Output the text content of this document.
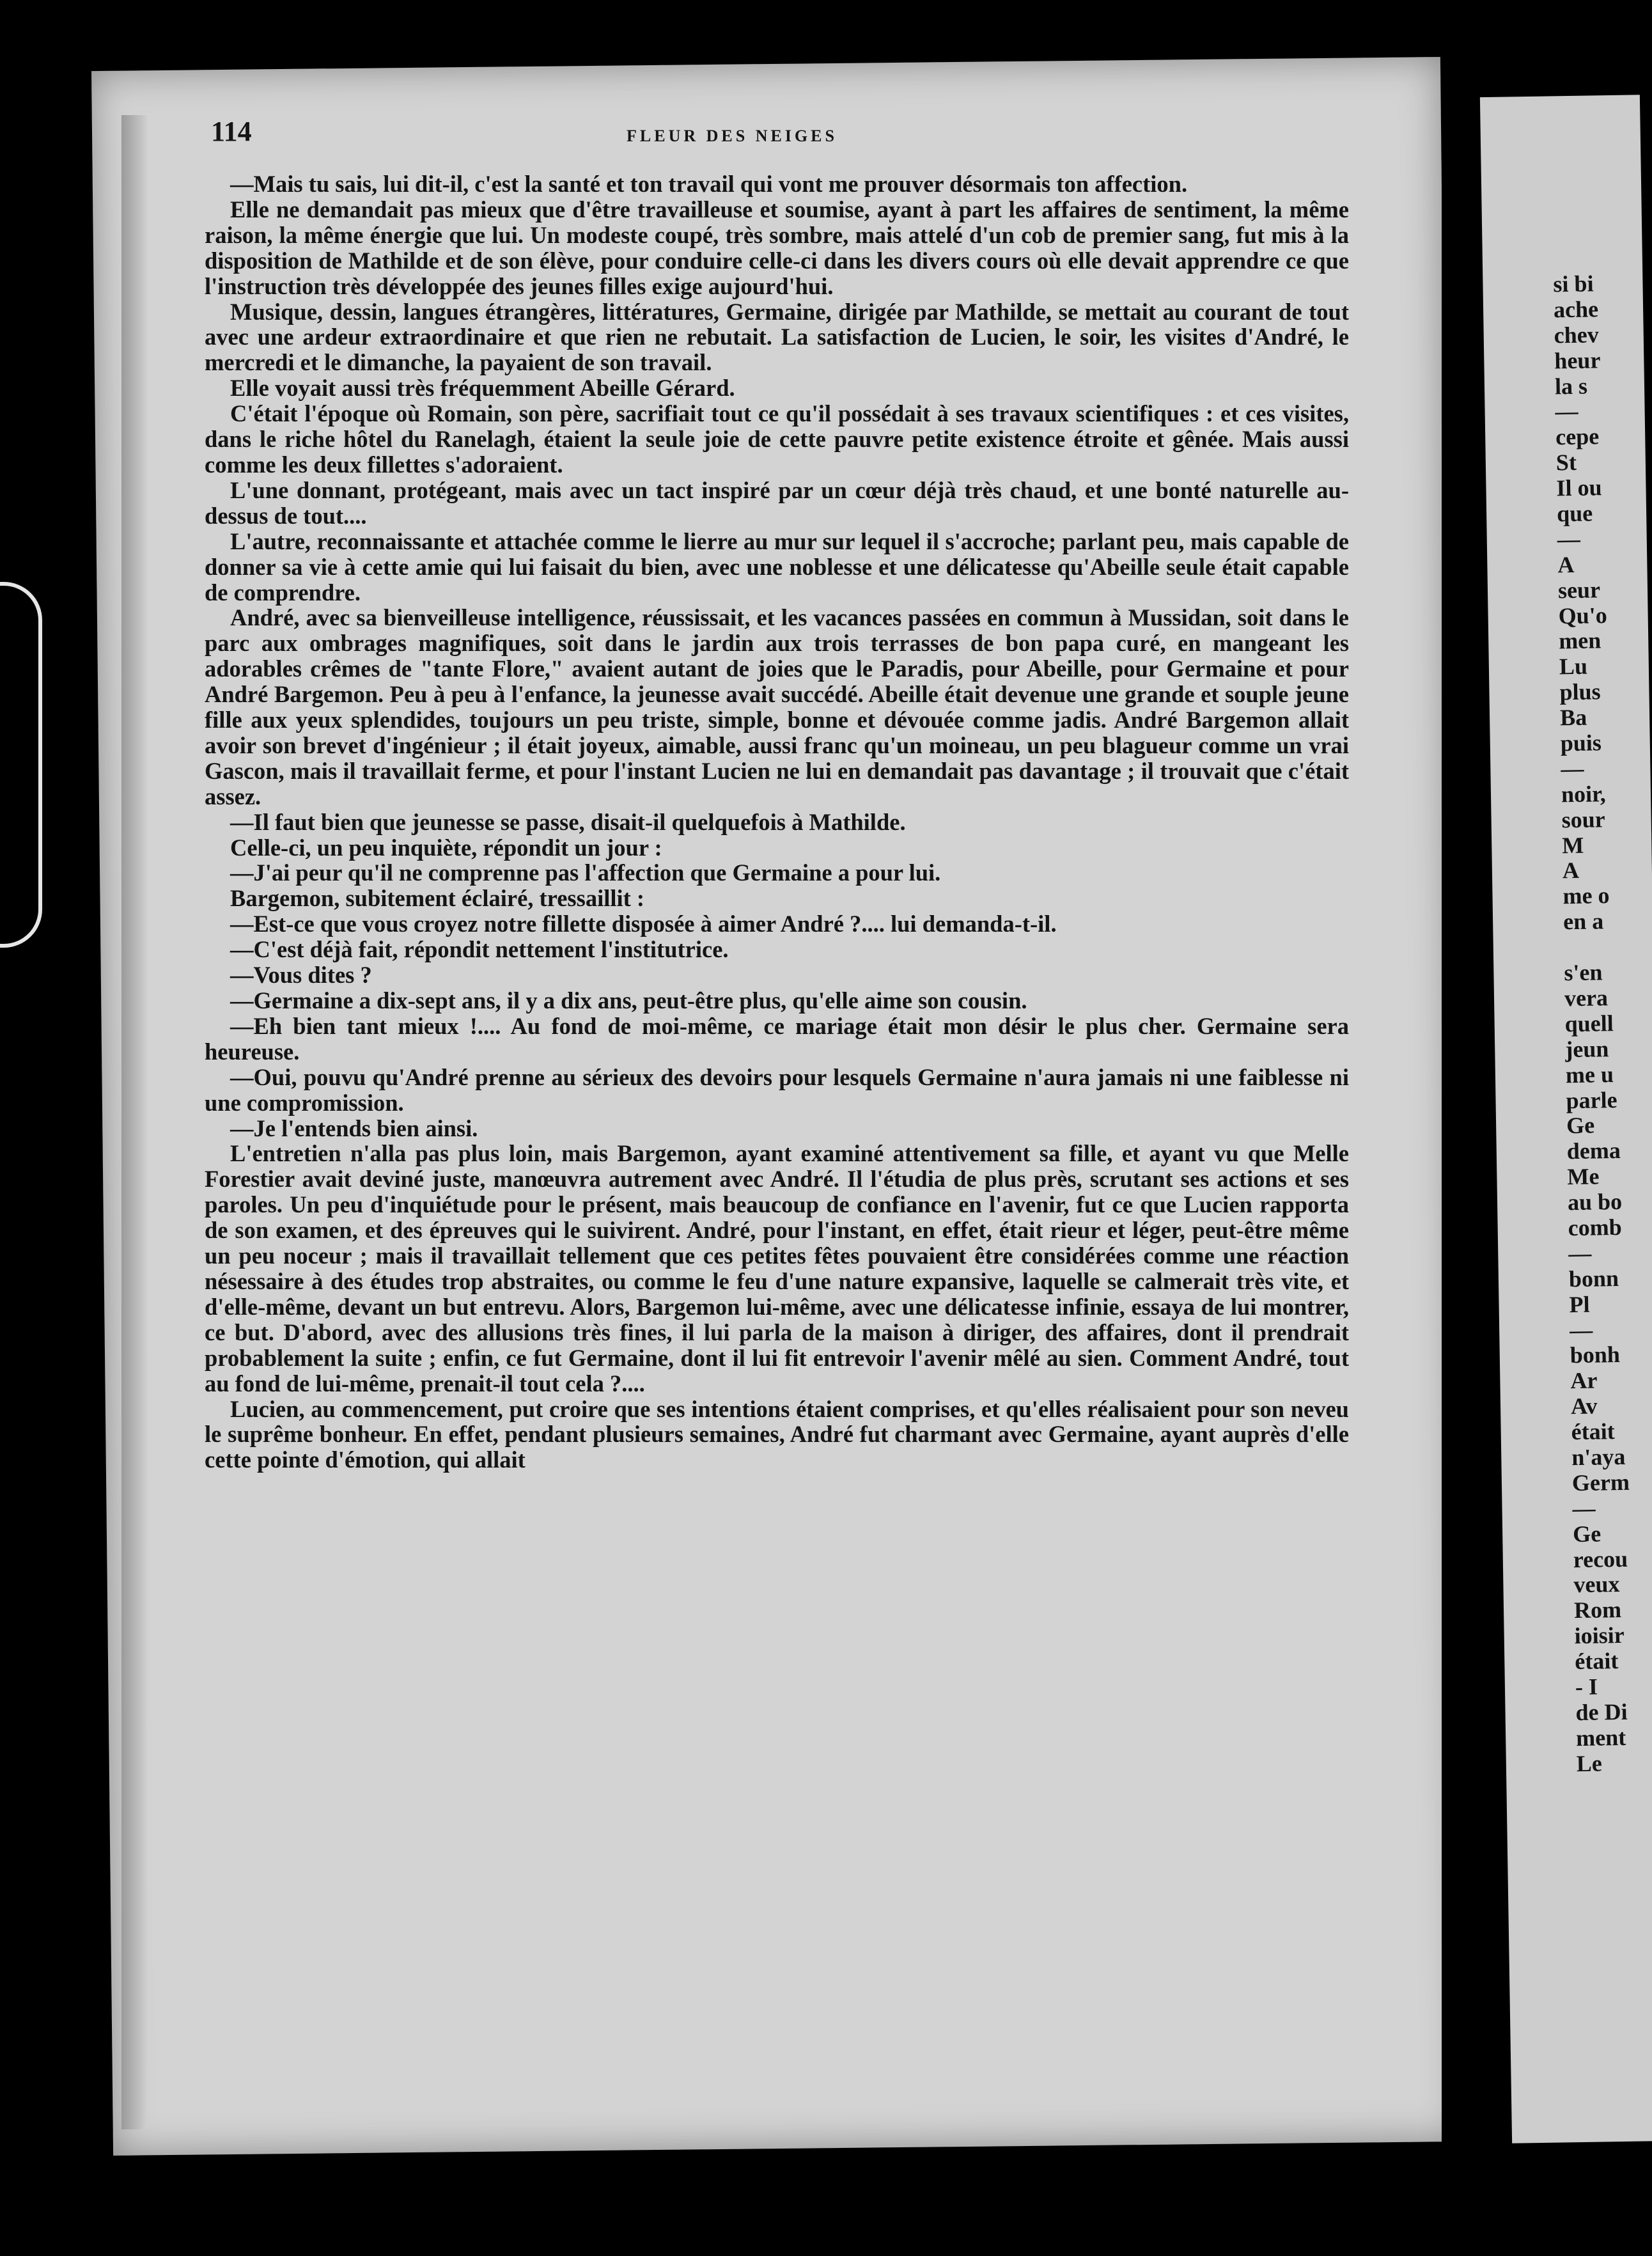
114	FLEUR DES NEIGES

—Mais tu sais, lui dit-il, c'est la santé et ton travail qui vont me prouver désormais ton affection.

Elle ne demandait pas mieux que d'être travailleuse et soumise, ayant à part les affaires de sentiment, la même raison, la même énergie que lui. Un modeste coupé, très sombre, mais attelé d'un cob de premier sang, fut mis à la disposition de Mathilde et de son élève, pour conduire celle-ci dans les divers cours où elle devait apprendre ce que l'instruction très développée des jeunes filles exige aujourd'hui.

Musique, dessin, langues étrangères, littératures, Germaine, dirigée par Mathilde, se mettait au courant de tout avec une ardeur extraordinaire et que rien ne rebutait. La satisfaction de Lucien, le soir, les visites d'André, le mercredi et le dimanche, la payaient de son travail.

Elle voyait aussi très fréquemment Abeille Gérard.

C'était l'époque où Romain, son père, sacrifiait tout ce qu'il possédait à ses travaux scientifiques : et ces visites, dans le riche hôtel du Ranelagh, étaient la seule joie de cette pauvre petite existence étroite et gênée. Mais aussi comme les deux fillettes s'adoraient.

L'une donnant, protégeant, mais avec un tact inspiré par un cœur déjà très chaud, et une bonté naturelle au-dessus de tout....

L'autre, reconnaissante et attachée comme le lierre au mur sur lequel il s'accroche; parlant peu, mais capable de donner sa vie à cette amie qui lui faisait du bien, avec une noblesse et une délicatesse qu'Abeille seule était capable de comprendre.

André, avec sa bienveilleuse intelligence, réussissait, et les vacances passées en commun à Mussidan, soit dans le parc aux ombrages magnifiques, soit dans le jardin aux trois terrasses de bon papa curé, en mangeant les adorables crêmes de "tante Flore," avaient autant de joies que le Paradis, pour Abeille, pour Germaine et pour André Bargemon. Peu à peu à l'enfance, la jeunesse avait succédé. Abeille était devenue une grande et souple jeune fille aux yeux splendides, toujours un peu triste, simple, bonne et dévouée comme jadis. André Bargemon allait avoir son brevet d'ingénieur ; il était joyeux, aimable, aussi franc qu'un moineau, un peu blagueur comme un vrai Gascon, mais il travaillait ferme, et pour l'instant Lucien ne lui en demandait pas davantage ; il trouvait que c'était assez.

—Il faut bien que jeunesse se passe, disait-il quelquefois à Mathilde.

Celle-ci, un peu inquiète, répondit un jour :

—J'ai peur qu'il ne comprenne pas l'affection que Germaine a pour lui.

Bargemon, subitement éclairé, tressaillit :

—Est-ce que vous croyez notre fillette disposée à aimer André ?.... lui demanda-t-il.

—C'est déjà fait, répondit nettement l'institutrice.

—Vous dites ?

—Germaine a dix-sept ans, il y a dix ans, peut-être plus, qu'elle aime son cousin.

—Eh bien tant mieux !.... Au fond de moi-même, ce mariage était mon désir le plus cher. Germaine sera heureuse.

—Oui, pouvu qu'André prenne au sérieux des devoirs pour lesquels Germaine n'aura jamais ni une faiblesse ni une compromission.

—Je l'entends bien ainsi.

L'entretien n'alla pas plus loin, mais Bargemon, ayant examiné attentivement sa fille, et ayant vu que Melle Forestier avait deviné juste, manœuvra autrement avec André. Il l'étudia de plus près, scrutant ses actions et ses paroles. Un peu d'inquiétude pour le présent, mais beaucoup de confiance en l'avenir, fut ce que Lucien rapporta de son examen, et des épreuves qui le suivirent. André, pour l'instant, en effet, était rieur et léger, peut-être même un peu noceur ; mais il travaillait tellement que ces petites fêtes pouvaient être considérées comme une réaction nésessaire à des études trop abstraites, ou comme le feu d'une nature expansive, laquelle se calmerait très vite, et d'elle-même, devant un but entrevu. Alors, Bargemon lui-même, avec une délicatesse infinie, essaya de lui montrer, ce but. D'abord, avec des allusions très fines, il lui parla de la maison à diriger, des affaires, dont il prendrait probablement la suite ; enfin, ce fut Germaine, dont il lui fit entrevoir l'avenir mêlé au sien. Comment André, tout au fond de lui-même, prenait-il tout cela ?....

Lucien, au commencement, put croire que ses intentions étaient comprises, et qu'elles réalisaient pour son neveu le suprême bonheur. En effet, pendant plusieurs semaines, André fut charmant avec Germaine, ayant auprès d'elle cette pointe d'émotion, qui allait

si bi
ache
chev
heur
la s
—
cepe
St
Il ou
que
—
A
seur
Qu'o
men
Lu
plus
Ba
puis
—
noir,
sour
M
A
me o
en a
s'en
vera
quell
jeun
me u
parle
Ge
dema
Me
au bo
comb
—
bonn
Pl
—
bonh
Ar
Av
était
n'aya
Germ
—
Ge
recou
veux
Rom
ioisir
était
- I
de Di
ment
Le
